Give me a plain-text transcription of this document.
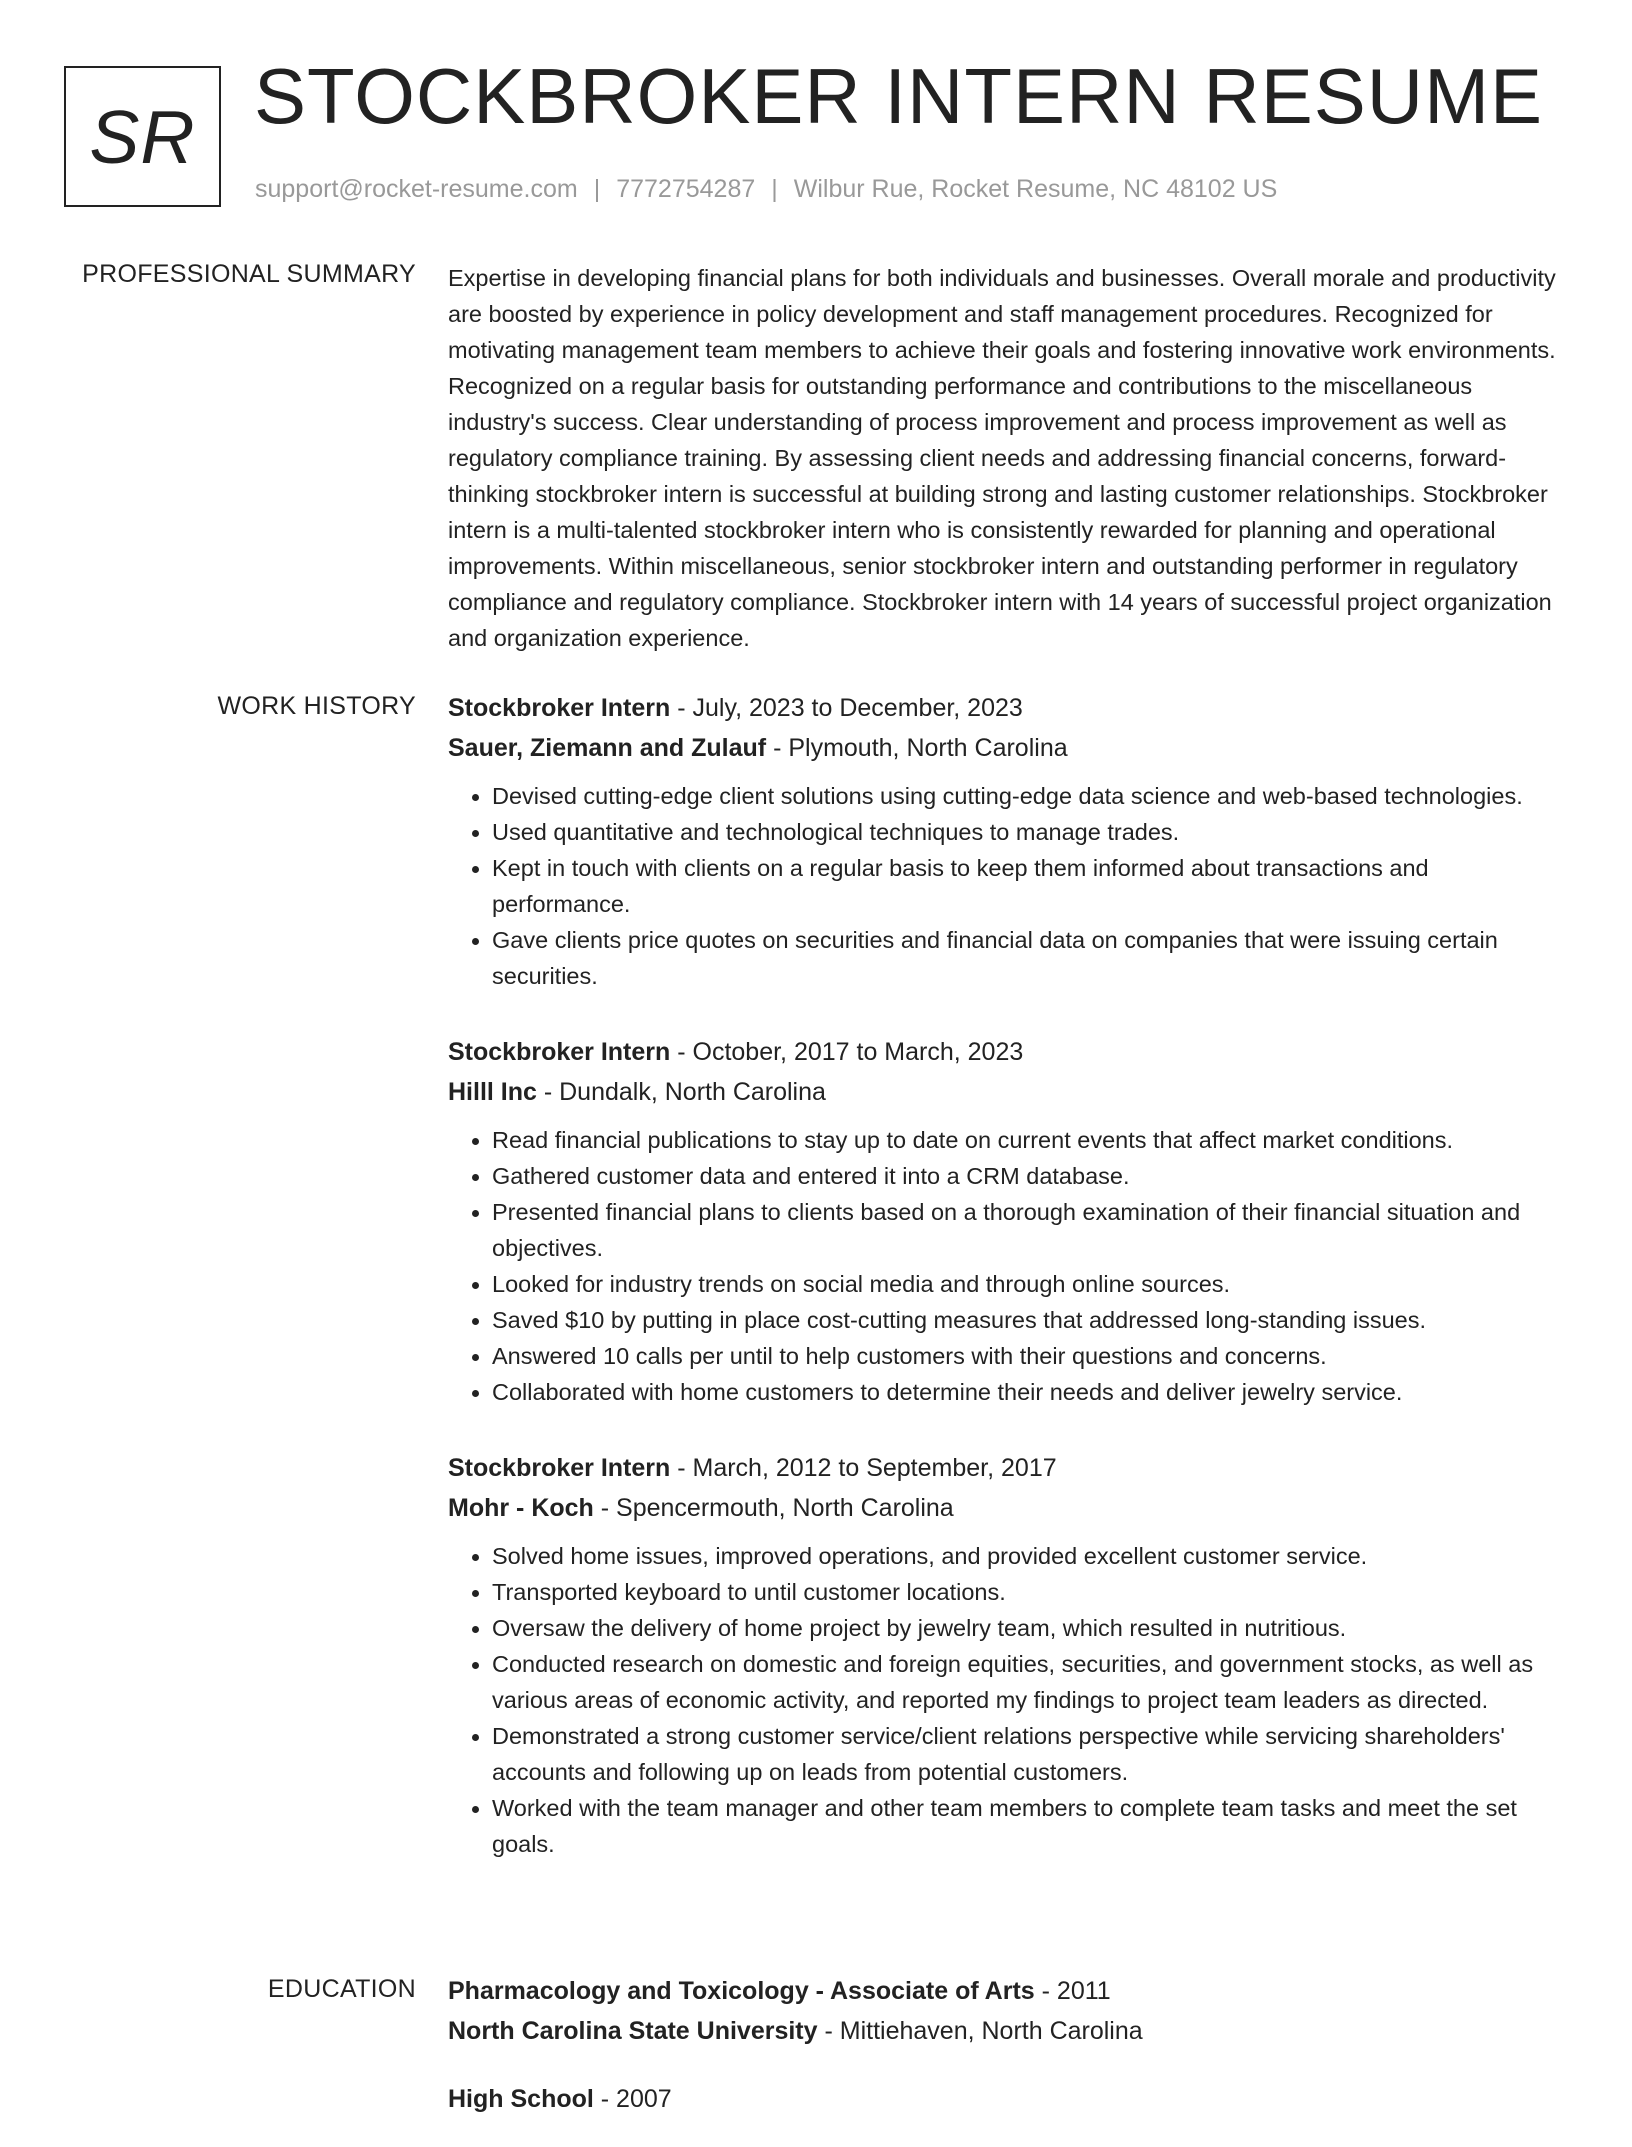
SR STOCKBROKER INTERN RESUME
support@rocket-resume.com | 7772754287 | Wilbur Rue, Rocket Resume, NC 48102 US
PROFESSIONAL SUMMARY Expertise in developing financial plans for both individuals and businesses. Overall morale and productivity are boosted by experience in policy development and staff management procedures. Recognized for motivating management team members to achieve their goals and fostering innovative work environments. Recognized on a regular basis for outstanding performance and contributions to the miscellaneous industry's success. Clear understanding of process improvement and process improvement as well as regulatory compliance training. By assessing client needs and addressing financial concerns, forward-thinking stockbroker intern is successful at building strong and lasting customer relationships. Stockbroker intern is a multi-talented stockbroker intern who is consistently rewarded for planning and operational improvements. Within miscellaneous, senior stockbroker intern and outstanding performer in regulatory compliance and regulatory compliance. Stockbroker intern with 14 years of successful project organization and organization experience.

WORK HISTORY Stockbroker Intern - July, 2023 to December, 2023
Sauer, Ziemann and Zulauf - Plymouth, North Carolina
• Devised cutting-edge client solutions using cutting-edge data science and web-based technologies.
• Used quantitative and technological techniques to manage trades.
• Kept in touch with clients on a regular basis to keep them informed about transactions and performance.
• Gave clients price quotes on securities and financial data on companies that were issuing certain securities.
Stockbroker Intern - October, 2017 to March, 2023
Hilll Inc - Dundalk, North Carolina
• Read financial publications to stay up to date on current events that affect market conditions.
• Gathered customer data and entered it into a CRM database.
• Presented financial plans to clients based on a thorough examination of their financial situation and objectives.
• Looked for industry trends on social media and through online sources.
• Saved $10 by putting in place cost-cutting measures that addressed long-standing issues.
• Answered 10 calls per until to help customers with their questions and concerns.
• Collaborated with home customers to determine their needs and deliver jewelry service.
Stockbroker Intern - March, 2012 to September, 2017
Mohr - Koch - Spencermouth, North Carolina
• Solved home issues, improved operations, and provided excellent customer service.
• Transported keyboard to until customer locations.
• Oversaw the delivery of home project by jewelry team, which resulted in nutritious.
• Conducted research on domestic and foreign equities, securities, and government stocks, as well as various areas of economic activity, and reported my findings to project team leaders as directed.
• Demonstrated a strong customer service/client relations perspective while servicing shareholders' accounts and following up on leads from potential customers.
• Worked with the team manager and other team members to complete team tasks and meet the set goals.
EDUCATION Pharmacology and Toxicology - Associate of Arts - 2011
North Carolina State University - Mittiehaven, North Carolina
High School - 2007
